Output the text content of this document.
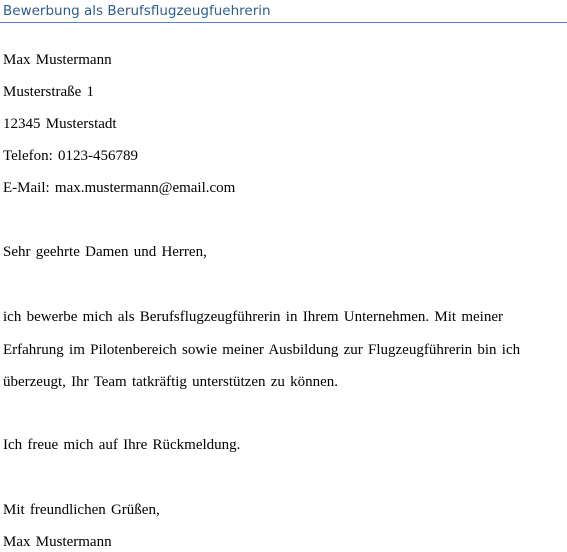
Bewerbung als Berufsflugzeugfuehrerin

Max Mustermann

Musterstraße 1

12345 Musterstadt

Telefon: 0123-456789

E-Mail: max.mustermann@email.com

Sehr geehrte Damen und Herren,

ich bewerbe mich als Berufsflugzeugführerin in Ihrem Unternehmen. Mit meiner

Erfahrung im Pilotenbereich sowie meiner Ausbildung zur Flugzeugführerin bin ich

überzeugt, Ihr Team tatkräftig unterstützen zu können.

Ich freue mich auf Ihre Rückmeldung.

Mit freundlichen Grüßen,

Max Mustermann
